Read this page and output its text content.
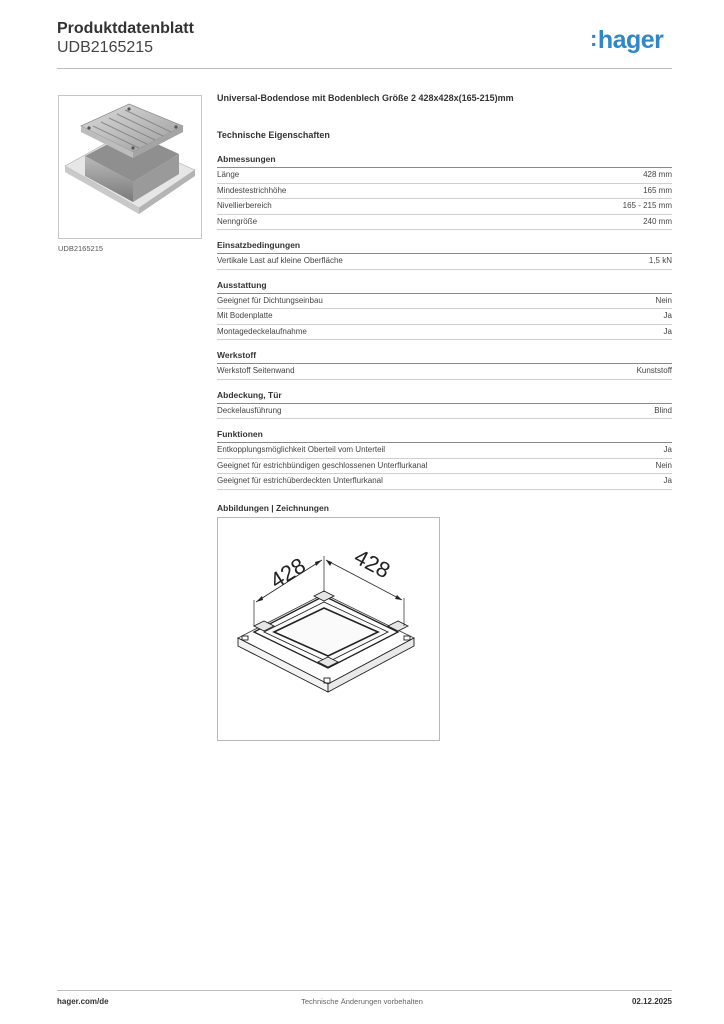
Produktdatenblatt
UDB2165215	:hager
UDB2165215
Universal-Bodendose mit Bodenblech Größe 2 428x428x(165-215)mm
Technische Eigenschaften
Abmessungen
Länge	428 mm
Mindestestrichhöhe	165 mm
Nivellierbereich	165 - 215 mm
Nenngröße	240 mm
Einsatzbedingungen
Vertikale Last auf kleine Oberfläche	1,5 kN
Ausstattung
Geeignet für Dichtungseinbau	Nein
Mit Bodenplatte	Ja
Montagedeckelaufnahme	Ja
Werkstoff
Werkstoff Seitenwand	Kunststoff
Abdeckung, Tür
Deckelausführung	Blind
Funktionen
Entkopplungsmöglichkeit Oberteil vom Unterteil	Ja
Geeignet für estrichbündigen geschlossenen Unterflurkanal	Nein
Geeignet für estrichüberdeckten Unterflurkanal	Ja
Abbildungen | Zeichnungen
428 428
hager.com/de	Technische Änderungen vorbehalten	02.12.2025
